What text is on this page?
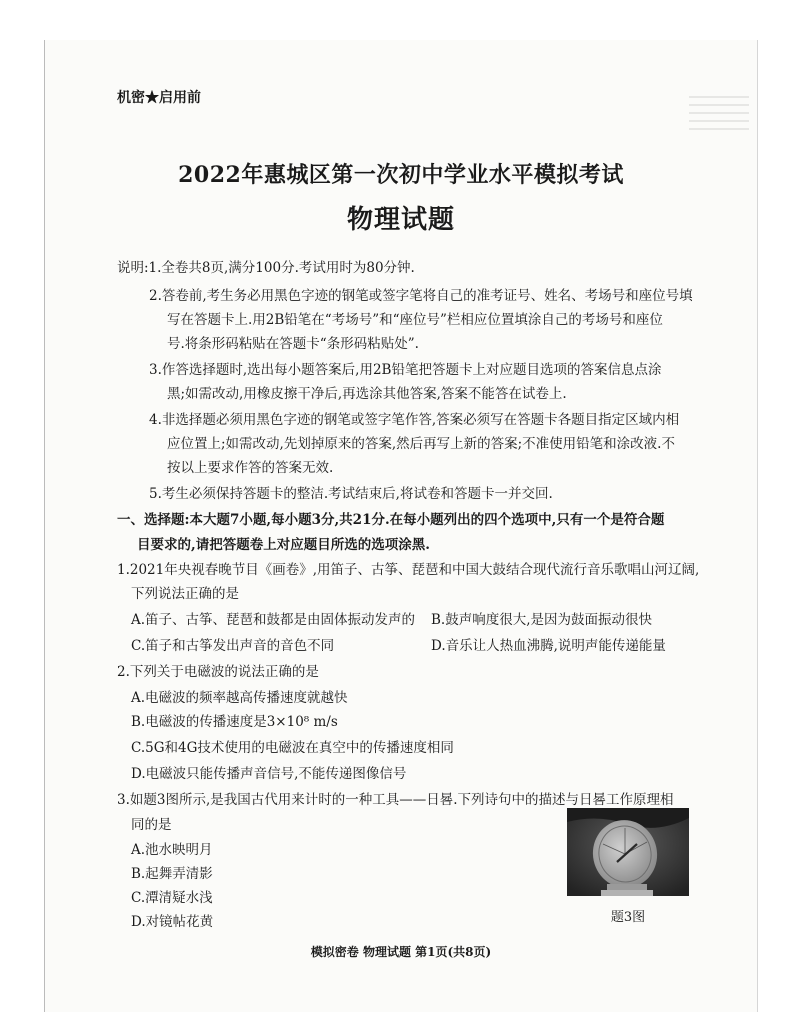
机密★启用前
2022年惠城区第一次初中学业水平模拟考试
物理试题
说明:1.全卷共8页,满分100分.考试用时为80分钟.
2.答卷前,考生务必用黑色字迹的钢笔或签字笔将自己的准考证号、姓名、考场号和座位号填
写在答题卡上.用2B铅笔在“考场号”和“座位号”栏相应位置填涂自己的考场号和座位
号.将条形码粘贴在答题卡“条形码粘贴处”.
3.作答选择题时,选出每小题答案后,用2B铅笔把答题卡上对应题目选项的答案信息点涂
黑;如需改动,用橡皮擦干净后,再选涂其他答案,答案不能答在试卷上.
4.非选择题必须用黑色字迹的钢笔或签字笔作答,答案必须写在答题卡各题目指定区域内相
应位置上;如需改动,先划掉原来的答案,然后再写上新的答案;不准使用铅笔和涂改液.不
按以上要求作答的答案无效.
5.考生必须保持答题卡的整洁.考试结束后,将试卷和答题卡一并交回.
一、选择题:本大题7小题,每小题3分,共21分.在每小题列出的四个选项中,只有一个是符合题
目要求的,请把答题卷上对应题目所选的选项涂黑.
1.2021年央视春晚节目《画卷》,用笛子、古筝、琵琶和中国大鼓结合现代流行音乐歌唱山河辽阔,
下列说法正确的是
A.笛子、古筝、琵琶和鼓都是由固体振动发声的 B.鼓声响度很大,是因为鼓面振动很快
C.笛子和古筝发出声音的音色不同	D.音乐让人热血沸腾,说明声能传递能量
2.下列关于电磁波的说法正确的是
A.电磁波的频率越高传播速度就越快
B.电磁波的传播速度是3×10⁸ m/s
C.5G和4G技术使用的电磁波在真空中的传播速度相同
D.电磁波只能传播声音信号,不能传递图像信号
3.如题3图所示,是我国古代用来计时的一种工具——日晷.下列诗句中的描述与日晷工作原理相
同的是
A.池水映明月
B.起舞弄清影
C.潭清疑水浅
D.对镜帖花黄	题3图
模拟密卷 物理试题 第1页(共8页)
